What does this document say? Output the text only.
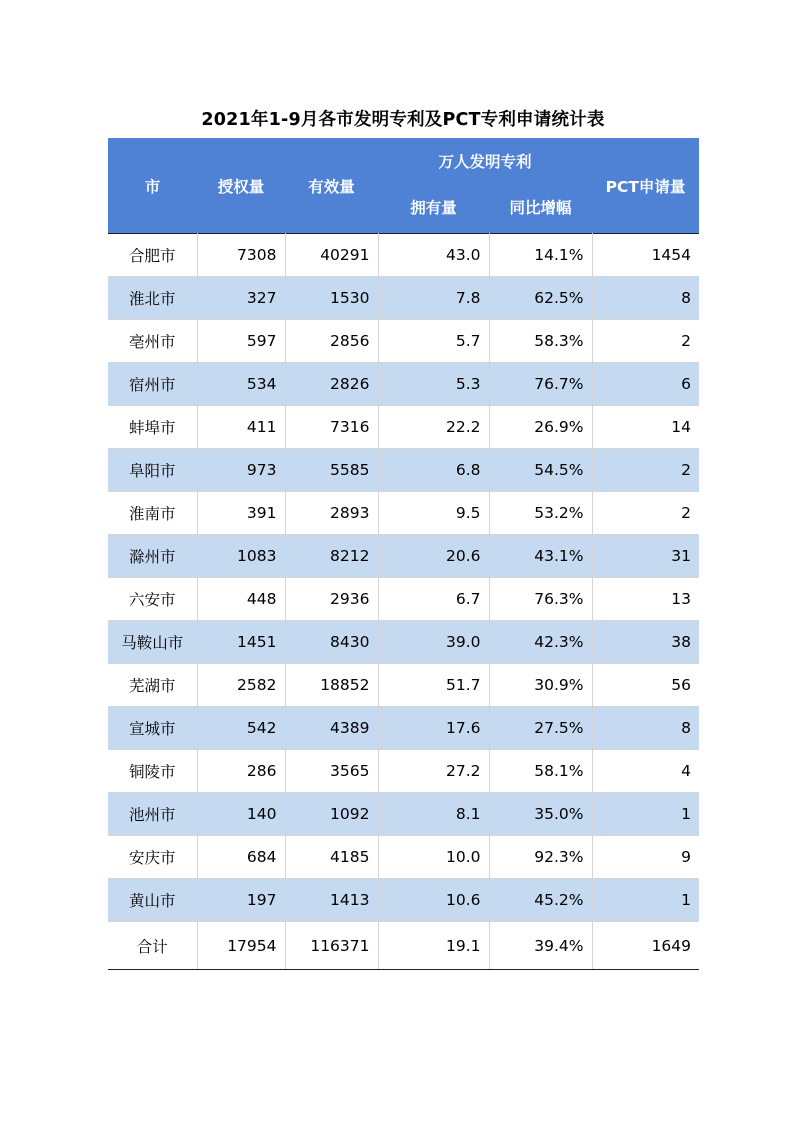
2021年1-9月各市发明专利及PCT专利申请统计表
市	授权量	有效量	万人发明专利		PCT申请量
			拥有量	同比增幅	
合肥市	7308	40291	43.0	14.1%	1454
淮北市	327	1530	7.8	62.5%	8
亳州市	597	2856	5.7	58.3%	2
宿州市	534	2826	5.3	76.7%	6
蚌埠市	411	7316	22.2	26.9%	14
阜阳市	973	5585	6.8	54.5%	2
淮南市	391	2893	9.5	53.2%	2
滁州市	1083	8212	20.6	43.1%	31
六安市	448	2936	6.7	76.3%	13
马鞍山市	1451	8430	39.0	42.3%	38
芜湖市	2582	18852	51.7	30.9%	56
宣城市	542	4389	17.6	27.5%	8
铜陵市	286	3565	27.2	58.1%	4
池州市	140	1092	8.1	35.0%	1
安庆市	684	4185	10.0	92.3%	9
黄山市	197	1413	10.6	45.2%	1
合计	17954	116371	19.1	39.4%	1649
